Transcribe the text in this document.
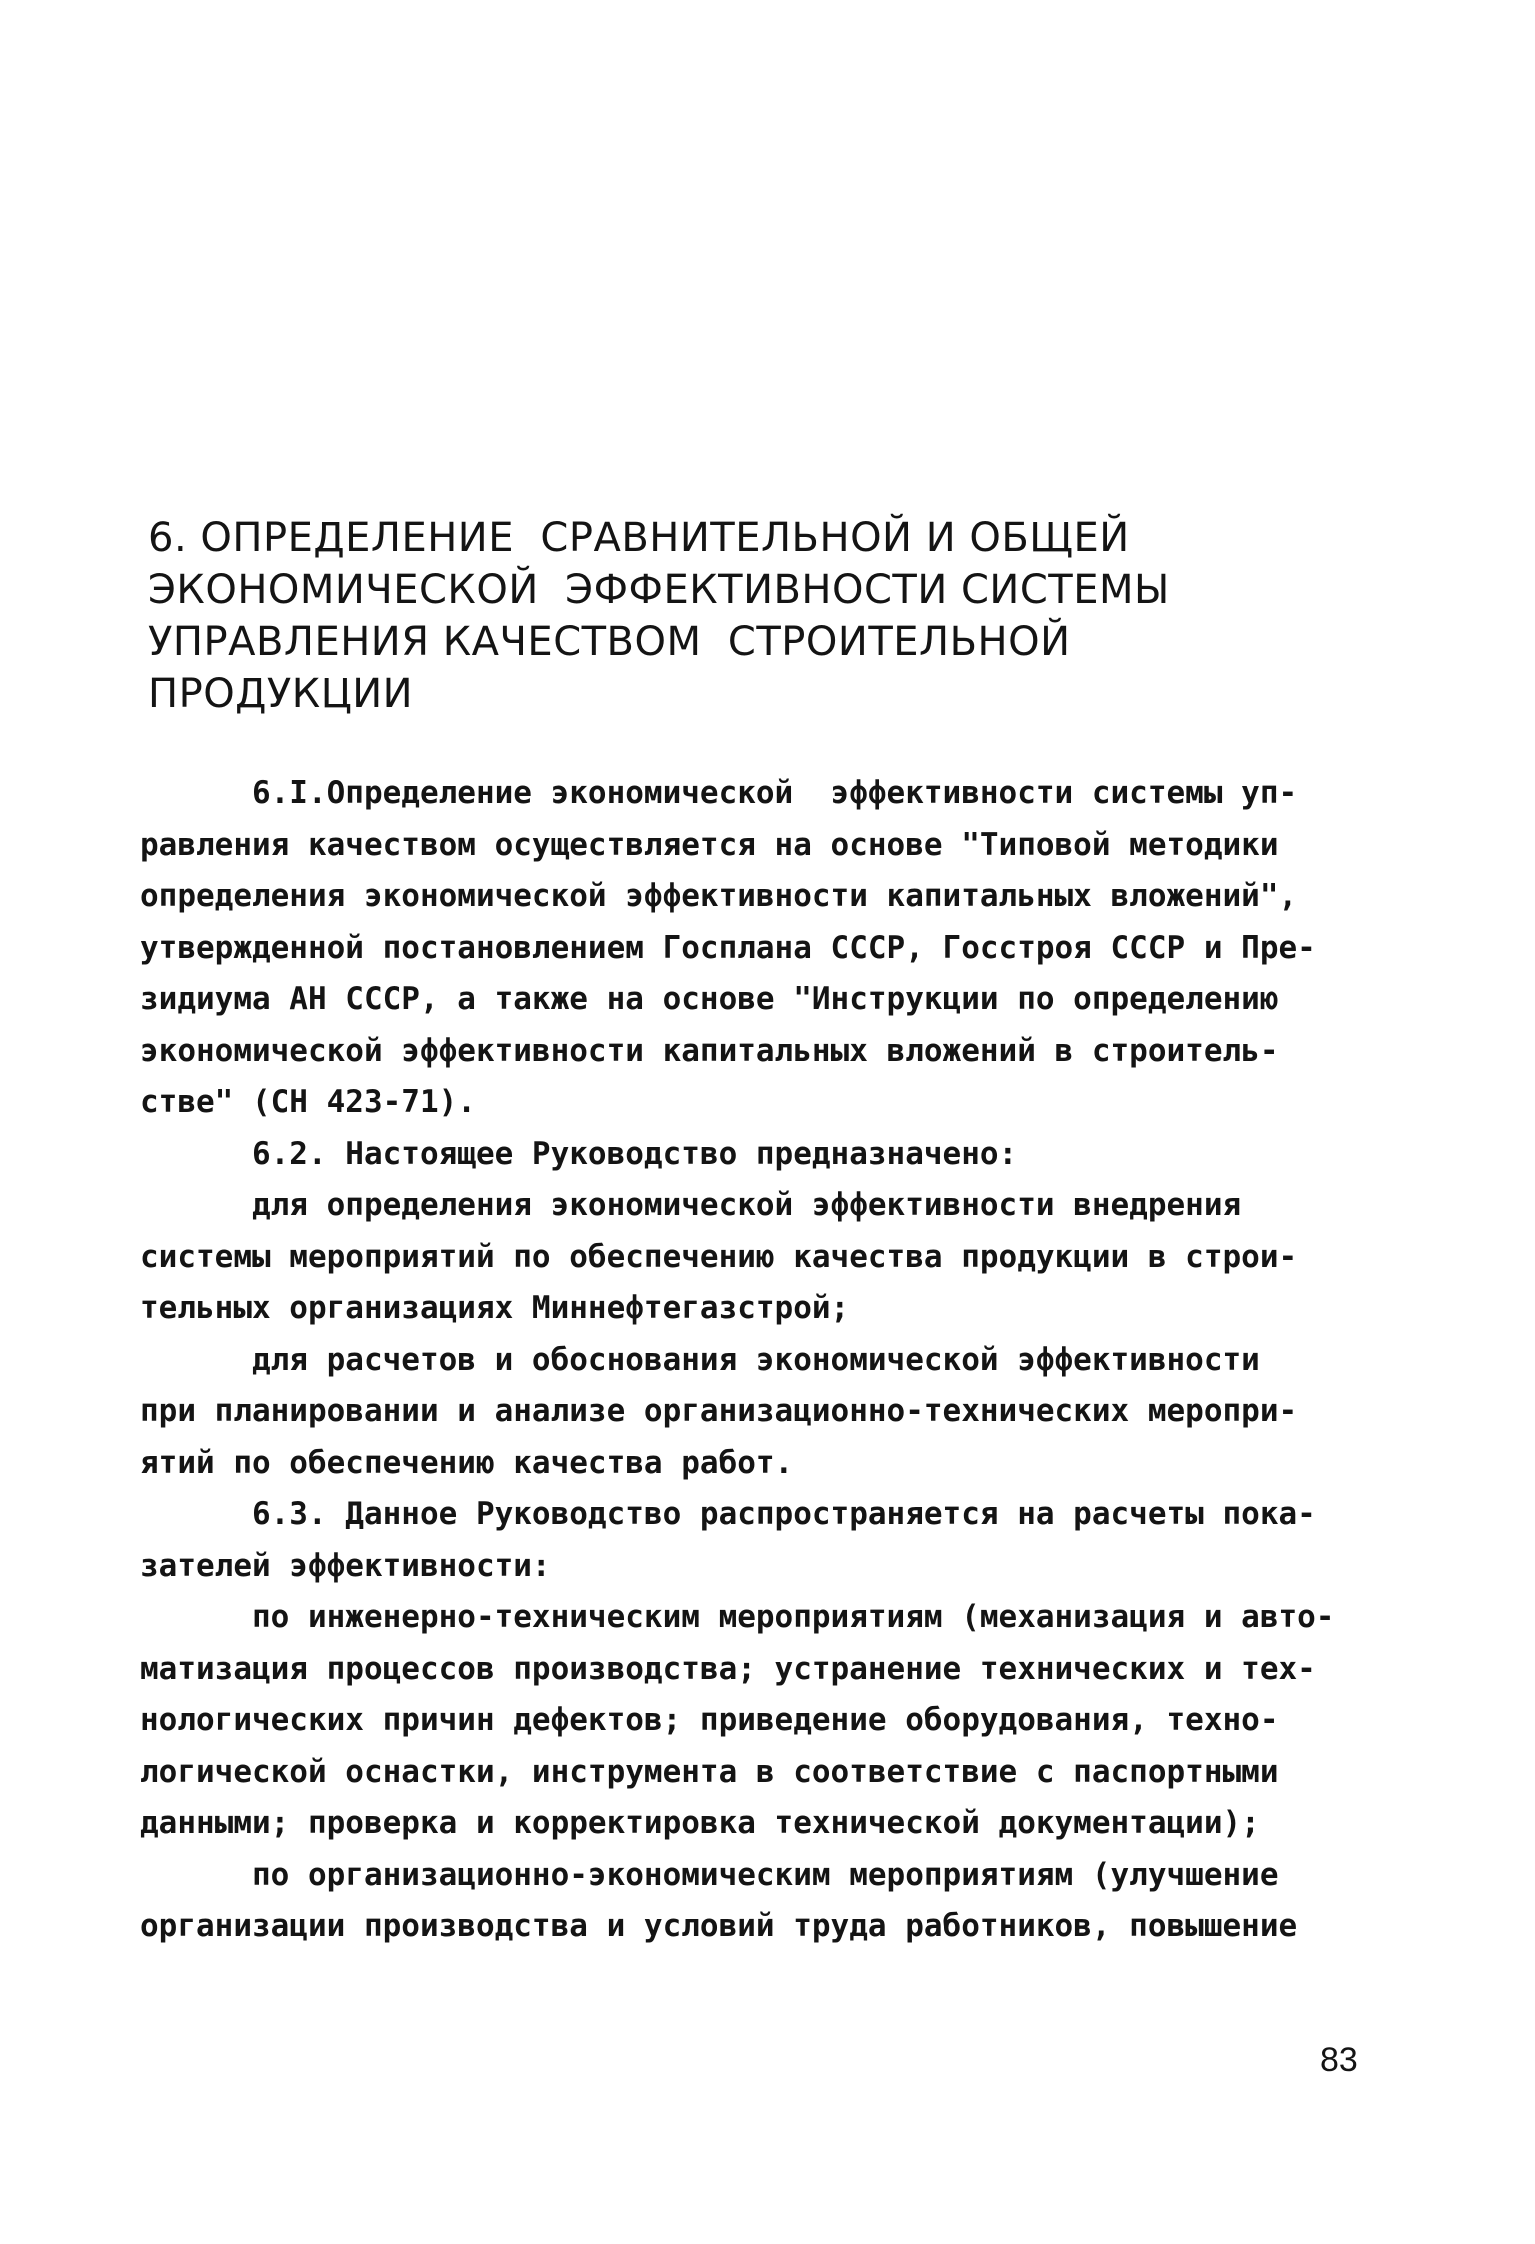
6. ОПРЕДЕЛЕНИЕ  СРАВНИТЕЛЬНОЙ И ОБЩЕЙ
ЭКОНОМИЧЕСКОЙ  ЭФФЕКТИВНОСТИ СИСТЕМЫ
УПРАВЛЕНИЯ КАЧЕСТВОМ  СТРОИТЕЛЬНОЙ
ПРОДУКЦИИ
6.I.Определение экономической  эффективности системы уп-
равления качеством осуществляется на основе "Типовой методики
определения экономической эффективности капитальных вложений",
утвержденной постановлением Госплана СССР, Госстроя СССР и Пре-
зидиума АН СССР, а также на основе "Инструкции по определению
экономической эффективности капитальных вложений в строитель-
стве" (СН 423-71).
6.2. Настоящее Руководство предназначено:
для определения экономической эффективности внедрения
системы мероприятий по обеспечению качества продукции в строи-
тельных организациях Миннефтегазстрой;
для расчетов и обоснования экономической эффективности
при планировании и анализе организационно-технических меропри-
ятий по обеспечению качества работ.
6.3. Данное Руководство распространяется на расчеты пока-
зателей эффективности:
по инженерно-техническим мероприятиям (механизация и авто-
матизация процессов производства; устранение технических и тех-
нологических причин дефектов; приведение оборудования, техно-
логической оснастки, инструмента в соответствие с паспортными
данными; проверка и корректировка технической документации);
по организационно-экономическим мероприятиям (улучшение
организации производства и условий труда работников, повышение
83
